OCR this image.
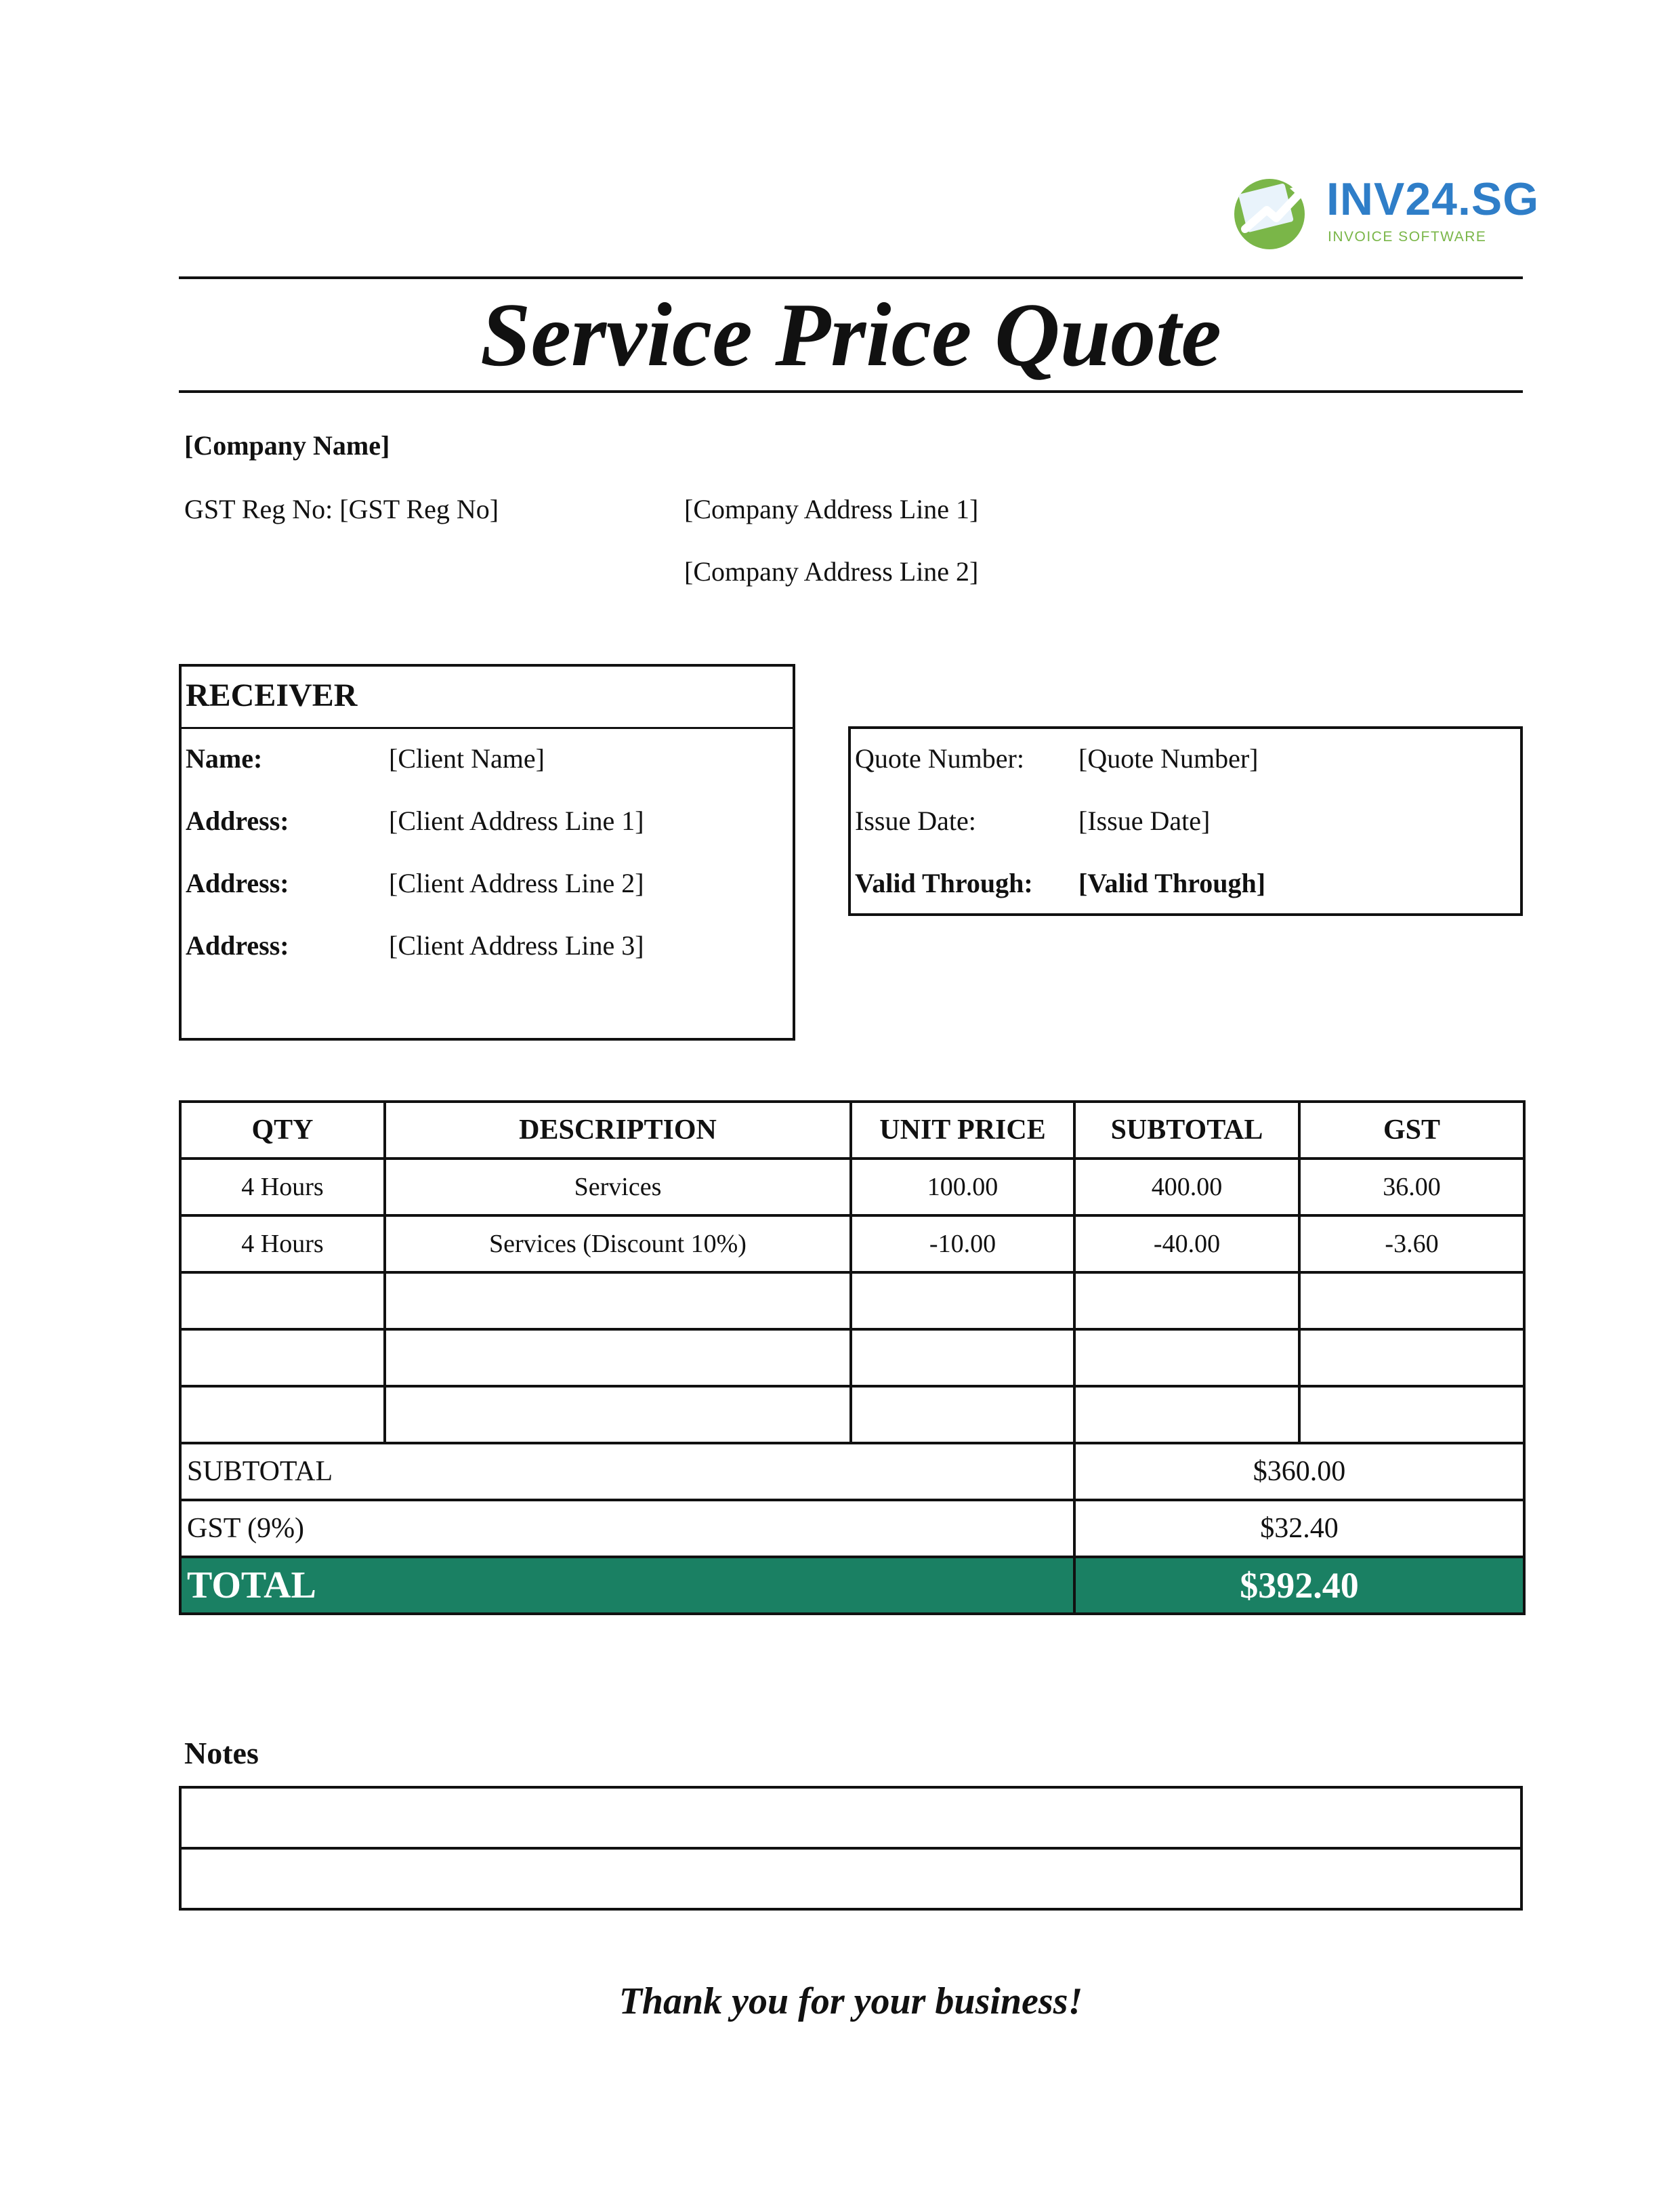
INV24.SG
INVOICE SOFTWARE
Service Price Quote
[Company Name]
GST Reg No: [GST Reg No]	[Company Address Line 1]
[Company Address Line 2]
RECEIVER
Name:	[Client Name]
Address:	[Client Address Line 1]
Address:	[Client Address Line 2]
Address:	[Client Address Line 3]
Quote Number: [Quote Number]
Issue Date:	[Issue Date]
Valid Through: [Valid Through]
QTY	DESCRIPTION	UNIT PRICE	SUBTOTAL	GST
4 Hours	Services	100.00	400.00	36.00
4 Hours	Services (Discount 10%)	-10.00	-40.00	-3.60

SUBTOTAL			$360.00	
GST (9%)			$32.40	
TOTAL			$392.40	
Notes

Thank you for your business!
